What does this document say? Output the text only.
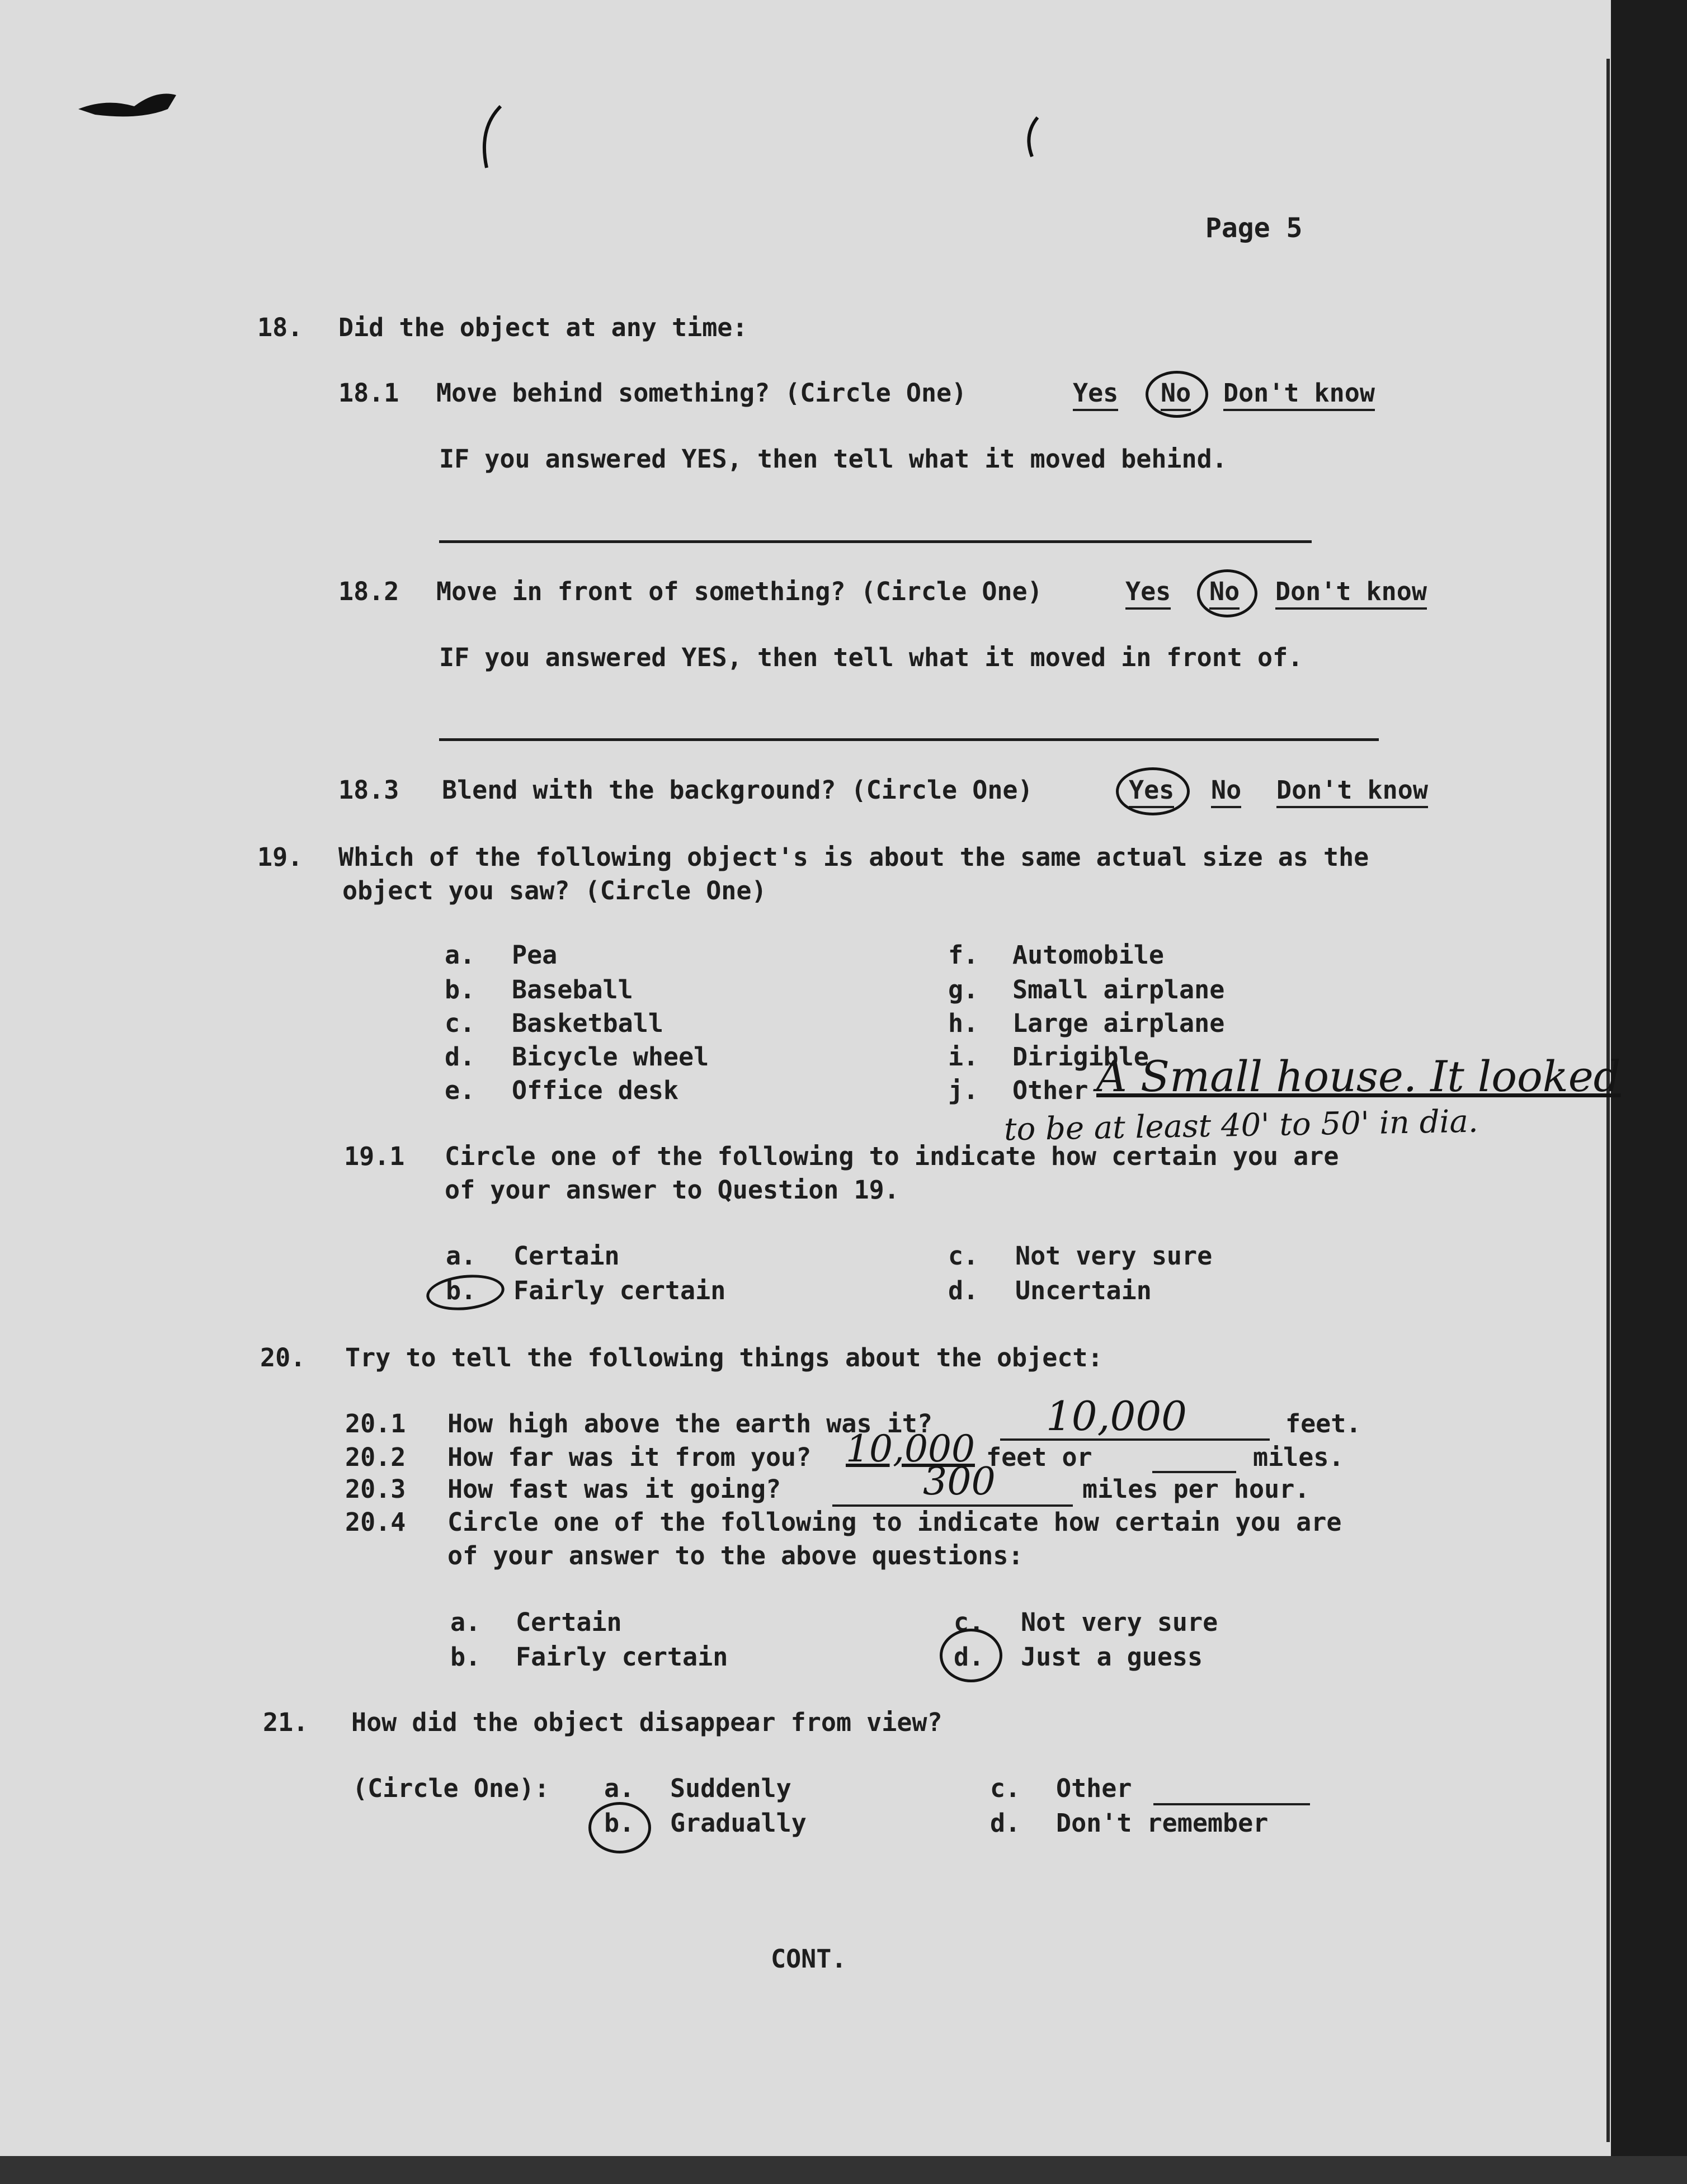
Page 5
18. Did the object at any time:
18.1 Move behind something? (Circle One)	Yes No Don't know
IF you answered YES, then tell what it moved behind.
18.2 Move in front of something? (Circle One)	Yes No Don't know
IF you answered YES, then tell what it moved in front of.
18.3 Blend with the background? (Circle One)	Yes No Don't know
19. Which of the following object's is about the same actual size as the
object you saw? (Circle One)
a. Pea
b. Baseball
c. Basketball
d. Bicycle wheel
e. Office desk
f. Automobile
g. Small airplane
h. Large airplane
i. Dirigible
j. Other A Small house. It looked
to be at least 40' to 50' in dia.
19.1 Circle one of the following to indicate how certain you are
of your answer to Question 19.
a. Certain
b. Fairly certain
c. Not very sure
d. Uncertain
20. Try to tell the following things about the object:
20.1 How high above the earth was it?	10,000	feet.
20.2 How far was it from you? 10,000 feet or	miles.
20.3 How fast was it going?	300	miles per hour.
20.4 Circle one of the following to indicate how certain you are
of your answer to the above questions:
a. Certain
b. Fairly certain
c. Not very sure
d. Just a guess
21. How did the object disappear from view?
(Circle One): a. Suddenly
b. Gradually
c. Other
d. Don't remember
CONT.
